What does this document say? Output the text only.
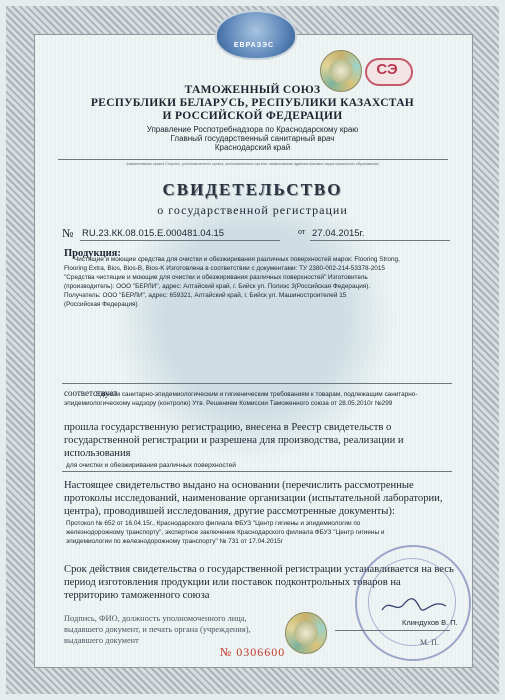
ЕВРАЗЭС
СЭ
ТАМОЖЕННЫЙ СОЮЗ
РЕСПУБЛИКИ БЕЛАРУСЬ, РЕСПУБЛИКИ КАЗАХСТАН
И РОССИЙСКОЙ ФЕДЕРАЦИИ
Управление Роспотребнадзора по Краснодарскому краю
Главный государственный санитарный врач
Краснодарский край
(наименование органа Стороны, уполномоченного органа, уполномоченного органа, наименование административно-территориального образования)
СВИДЕТЕЛЬСТВО
о государственной регистрации
№ RU.23.КК.08.015.Е.000481.04.15	от 27.04.2015г.
Продукция:
Чистящие и моющие средства для очистки и обезжиривания различных поверхностей марок: Flooring Strong,
Flooring Extra, Bios, Bios-B, Bios-K Изготовлена в соответствии с документами: ТУ 2380-002-214-53378-2015
"Средства чистящие и моющие для очистки и обезжиривания различных поверхностей" Изготовитель
(производитель): ООО "БЕРЛИ", адрес: Алтайский край, г. Бийск ул. Полиэс 3(Российская Федерация).
Получатель: ООО "БЕРЛИ", адрес: 659321, Алтайский край, г. Бийск ул. Машиностроителей 15
(Российская Федерация)
соответствует
Единым санитарно-эпидемиологическим и гигиеническим требованиям к товарам, подлежащим санитарно-
эпидемиологическому надзору (контролю) Утв. Решением Комиссии Таможенного союза от 28.05.2010г №299
прошла государственную регистрацию, внесена в Реестр свидетельств о
государственной регистрации и разрешена для производства, реализации и
использования
для очистки и обезжиривания различных поверхностей
Настоящее свидетельство выдано на основании (перечислить рассмотренные
протоколы исследований, наименование организации (испытательной лаборатории,
центра), проводившей исследования, другие рассмотренные документы):
Протокол № 652 от 16.04.15г., Краснодарского филиала ФБУЗ "Центр гигиены и эпидемиологии по
железнодорожному транспорту", экспертное заключение Краснодарского филиала ФБУЗ "Центр гигиены и
эпидемиологии по железнодорожному транспорту" № 731 от 17.04.2015г
Срок действия свидетельства о государственной регистрации устанавливается на весь
период изготовления продукции или поставок подконтрольных товаров на
территорию таможенного союза
Подпись, ФИО, должность уполномоченного лица,
выдавшего документ, и печать органа (учреждения),
выдавшего документ
Клиндухов В. П.
М. П.
№ 0306600
